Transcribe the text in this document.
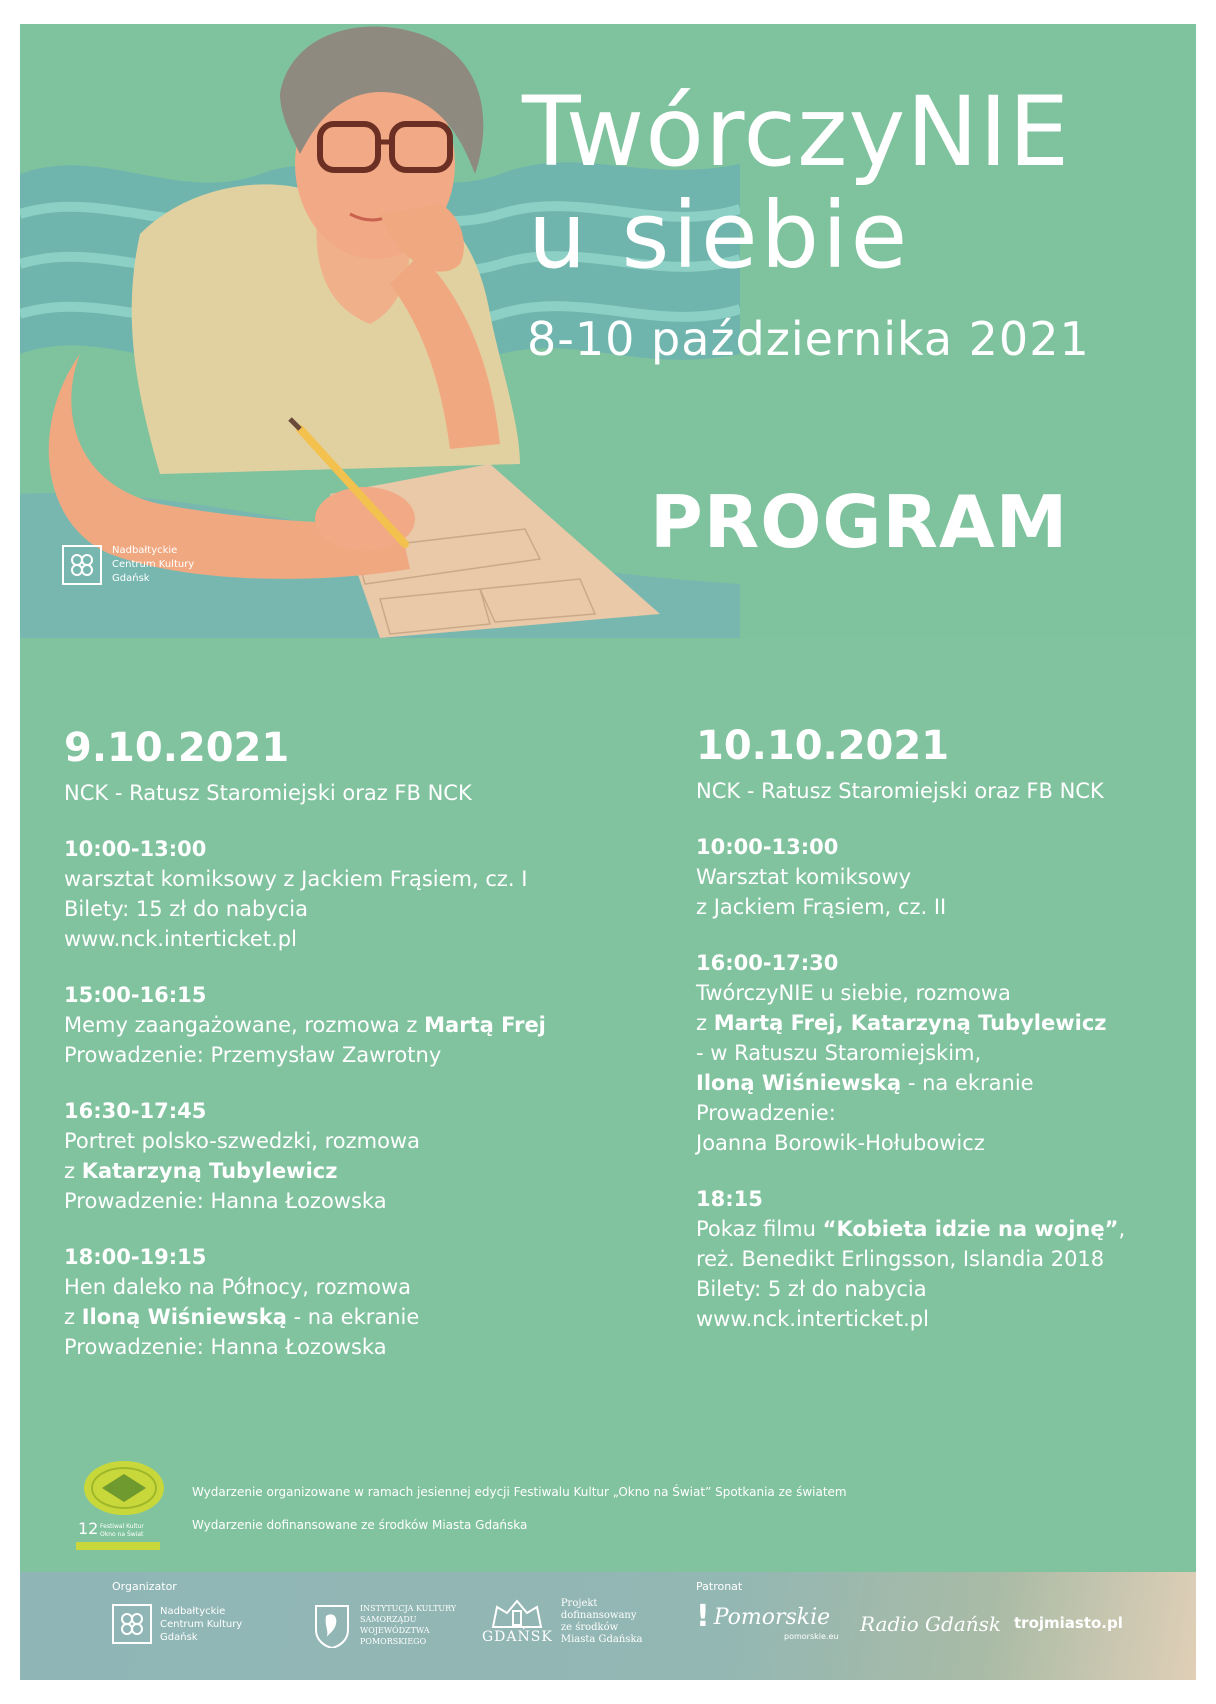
Nadbałtyckie
Centrum Kultury
Gdańsk
TwórczyNIE
u siebie
8-10 października 2021
PROGRAM

9.10.2021

NCK - Ratusz Staromiejski oraz FB NCK

10:00-13:00
warsztat komiksowy z Jackiem Frąsiem, cz. I
Bilety: 15 zł do nabycia
www.nck.interticket.pl
15:00-16:15
Memy zaangażowane, rozmowa z Martą Frej
Prowadzenie: Przemysław Zawrotny
16:30-17:45
Portret polsko-szwedzki, rozmowa
z Katarzyną Tubylewicz
Prowadzenie: Hanna Łozowska
18:00-19:15
Hen daleko na Północy, rozmowa
z Iloną Wiśniewską - na ekranie
Prowadzenie: Hanna Łozowska

10.10.2021

NCK - Ratusz Staromiejski oraz FB NCK

10:00-13:00
Warsztat komiksowy
z Jackiem Frąsiem, cz. II
16:00-17:30
TwórczyNIE u siebie, rozmowa
z Martą Frej, Katarzyną Tubylewicz
- w Ratuszu Staromiejskim,
Iloną Wiśniewską - na ekranie
Prowadzenie:
Joanna Borowik-Hołubowicz
18:15
Pokaz filmu “Kobieta idzie na wojnę”,
reż. Benedikt Erlingsson, Islandia 2018
Bilety: 5 zł do nabycia
www.nck.interticket.pl
12 Festiwal Kultur
Okno na Świat
Wydarzenie organizowane w ramach jesiennej edycji Festiwalu Kultur „Okno na Świat” Spotkania ze światem
Wydarzenie dofinansowane ze środków Miasta Gdańska
Organizator	Patronat
Nadbałtyckie
Centrum Kultury
Gdańsk
INSTYTUCJA KULTURY
SAMORZĄDU
WOJEWÓDZTWA
POMORSKIEGO	GDAŃSK
Projekt
dofinansowany
ze środków
Miasta Gdańska
! Pomorskie
pomorskie.eu
Radio Gdańsk trojmiasto.pl
